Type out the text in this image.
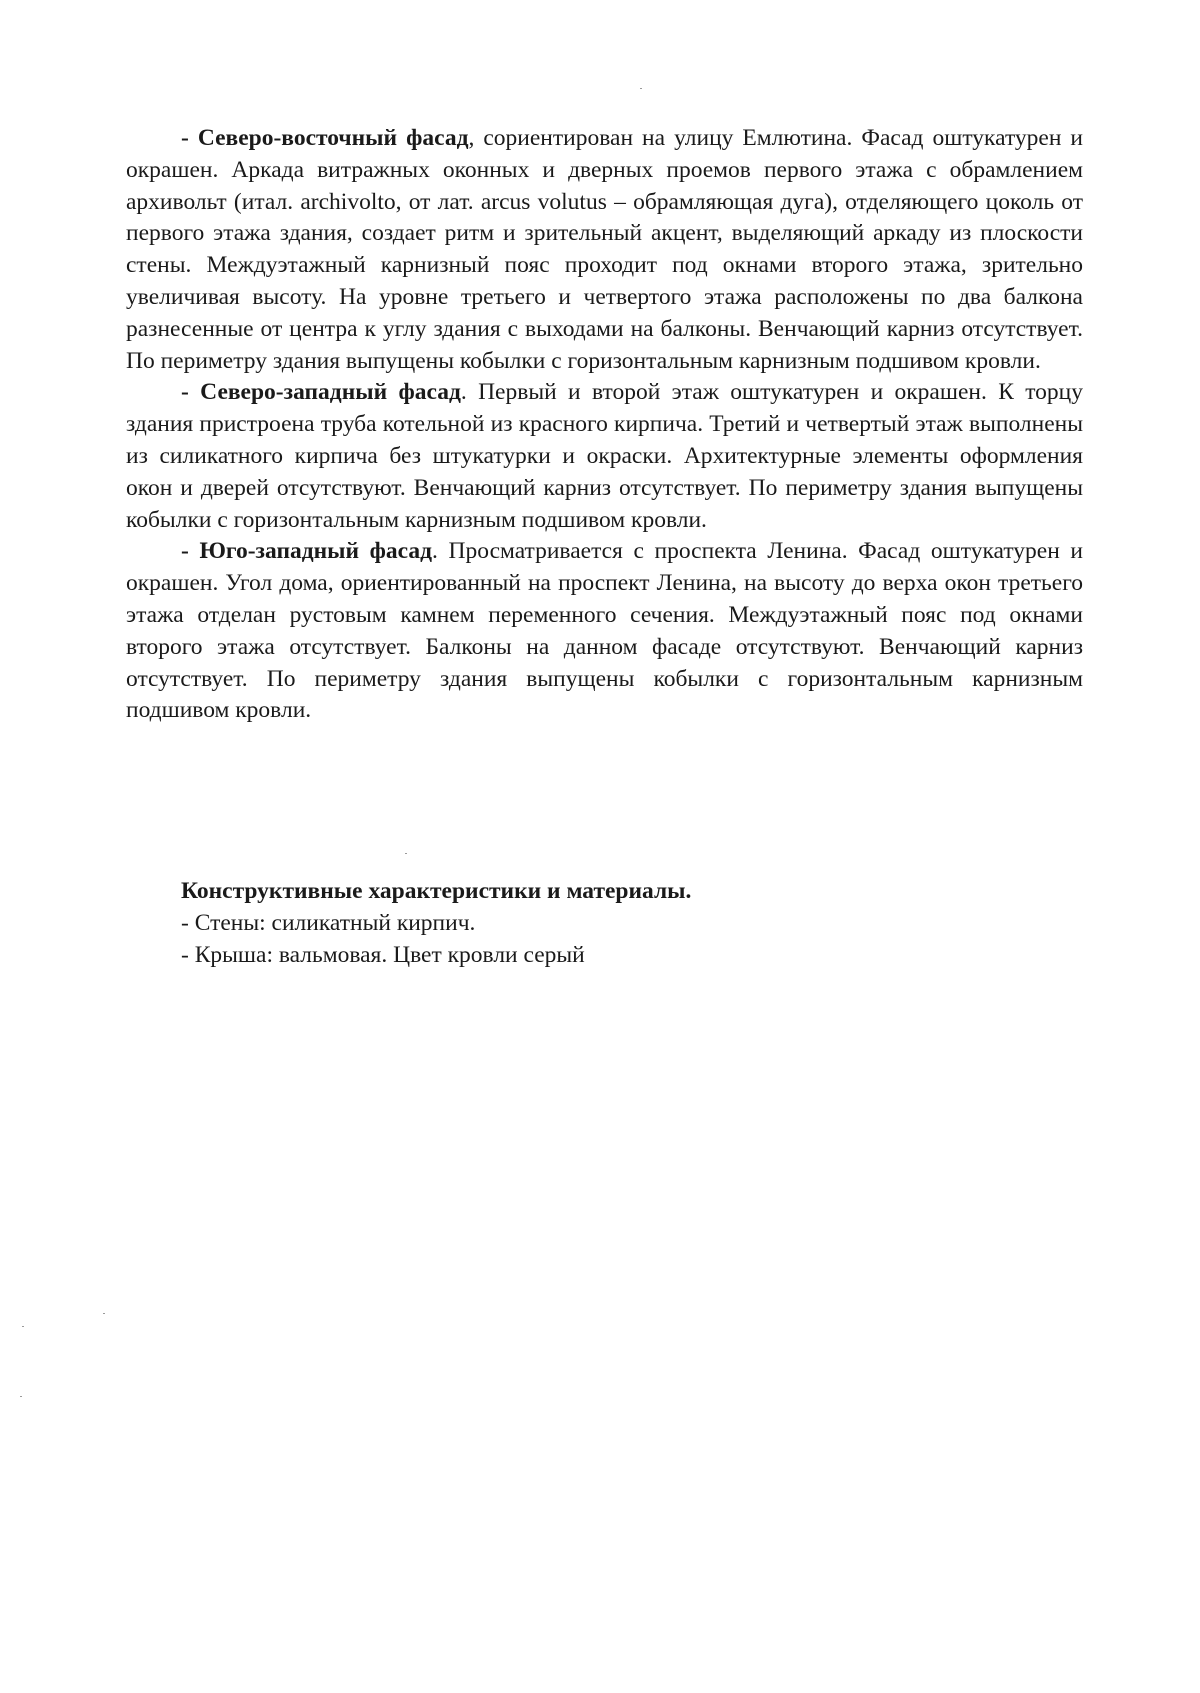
- Северо-восточный фасад, сориентирован на улицу Емлютина. Фасад оштукатурен и окрашен. Аркада витражных оконных и дверных проемов первого этажа с обрамлением архивольт (итал. archivolto, от лат. arcus volutus – обрамляющая дуга), отделяющего цоколь от первого этажа здания, создает ритм и зрительный акцент, выделяющий аркаду из плоскости стены. Междуэтажный карнизный пояс проходит под окнами второго этажа, зрительно увеличивая высоту. На уровне третьего и четвертого этажа расположены по два балкона разнесенные от центра к углу здания с выходами на балконы. Венчающий карниз отсутствует. По периметру здания выпущены кобылки с горизонтальным карнизным подшивом кровли.

- Северо-западный фасад. Первый и второй этаж оштукатурен и окрашен. К торцу здания пристроена труба котельной из красного кирпича. Третий и четвертый этаж выполнены из силикатного кирпича без штукатурки и окраски. Архитектурные элементы оформления окон и дверей отсутствуют. Венчающий карниз отсутствует. По периметру здания выпущены кобылки с горизонтальным карнизным подшивом кровли.

- Юго-западный фасад. Просматривается с проспекта Ленина. Фасад оштукатурен и окрашен. Угол дома, ориентированный на проспект Ленина, на высоту до верха окон третьего этажа отделан рустовым камнем переменного сечения. Междуэтажный пояс под окнами второго этажа отсутствует. Балконы на данном фасаде отсутствуют. Венчающий карниз отсутствует. По периметру здания выпущены кобылки с горизонтальным карнизным подшивом кровли.

Конструктивные характеристики и материалы.

- Стены: силикатный кирпич.

- Крыша: вальмовая. Цвет кровли серый
